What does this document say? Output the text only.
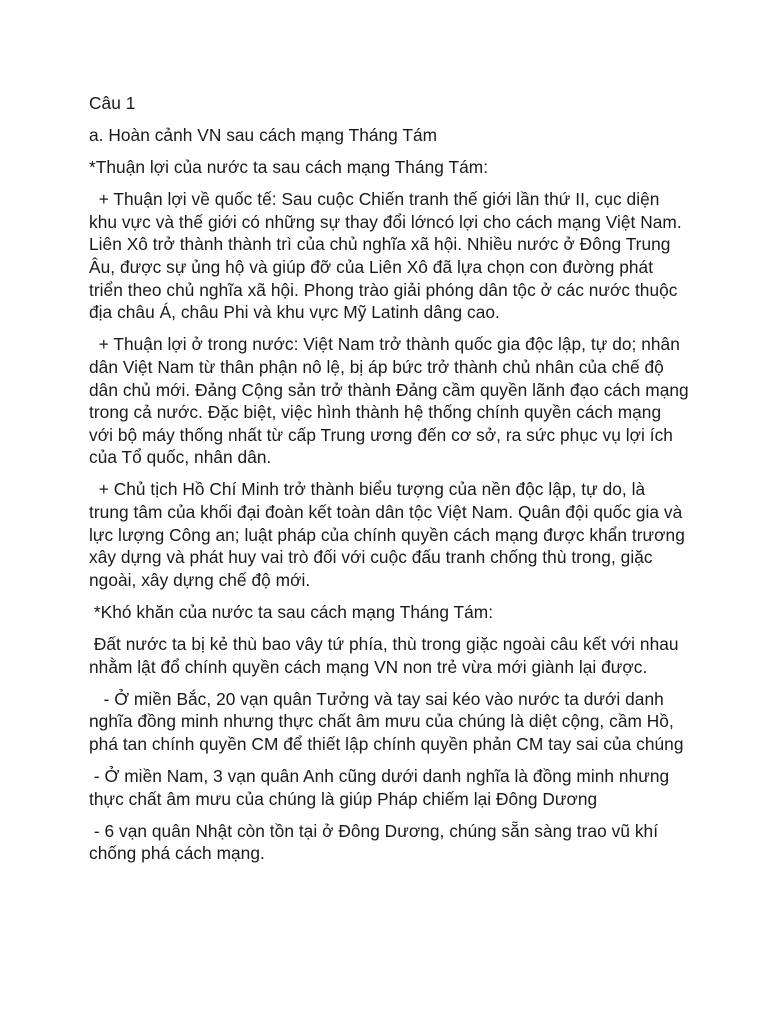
Câu 1

a. Hoàn cảnh VN sau cách mạng Tháng Tám

*Thuận lợi của nước ta sau cách mạng Tháng Tám:

+ Thuận lợi về quốc tế: Sau cuộc Chiến tranh thế giới lần thứ II, cục diện khu vực và thế giới có những sự thay đổi lớncó lợi cho cách mạng Việt Nam. Liên Xô trở thành thành trì của chủ nghĩa xã hội. Nhiều nước ở Đông Trung Âu, được sự ủng hộ và giúp đỡ của Liên Xô đã lựa chọn con đường phát triển theo chủ nghĩa xã hội. Phong trào giải phóng dân tộc ở các nước thuộc địa châu Á, châu Phi và khu vực Mỹ Latinh dâng cao.

+ Thuận lợi ở trong nước: Việt Nam trở thành quốc gia độc lập, tự do; nhân dân Việt Nam từ thân phận nô lệ, bị áp bức trở thành chủ nhân của chế độ dân chủ mới. Đảng Cộng sản trở thành Đảng cầm quyền lãnh đạo cách mạng trong cả nước. Đặc biệt, việc hình thành hệ thống chính quyền cách mạng với bộ máy thống nhất từ cấp Trung ương đến cơ sở, ra sức phục vụ lợi ích của Tổ quốc, nhân dân.

+ Chủ tịch Hồ Chí Minh trở thành biểu tượng của nền độc lập, tự do, là trung tâm của khối đại đoàn kết toàn dân tộc Việt Nam. Quân đội quốc gia và lực lượng Công an; luật pháp của chính quyền cách mạng được khẩn trương xây dựng và phát huy vai trò đối với cuộc đấu tranh chống thù trong, giặc ngoài, xây dựng chế độ mới.

*Khó khăn của nước ta sau cách mạng Tháng Tám:

Đất nước ta bị kẻ thù bao vây tứ phía, thù trong giặc ngoài câu kết với nhau nhằm lật đổ chính quyền cách mạng VN non trẻ vừa mới giành lại được.

- Ở miền Bắc, 20 vạn quân Tưởng và tay sai kéo vào nước ta dưới danh nghĩa đồng minh nhưng thực chất âm mưu của chúng là diệt cộng, cầm Hồ, phá tan chính quyền CM để thiết lập chính quyền phản CM tay sai của chúng

- Ở miền Nam, 3 vạn quân Anh cũng dưới danh nghĩa là đồng minh nhưng thực chất âm mưu của chúng là giúp Pháp chiếm lại Đông Dương

- 6 vạn quân Nhật còn tồn tại ở Đông Dương, chúng sẵn sàng trao vũ khí chống phá cách mạng.
